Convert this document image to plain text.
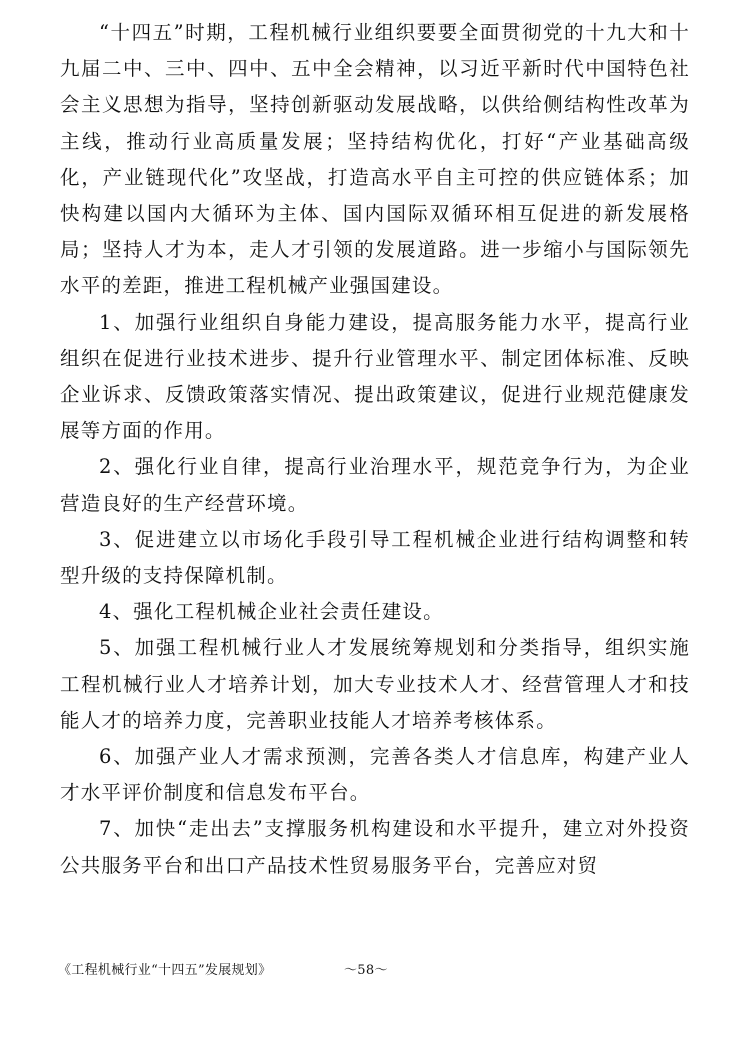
“十四五”时期，工程机械行业组织要要全面贯彻党的十九大和十九届二中、三中、四中、五中全会精神，以习近平新时代中国特色社会主义思想为指导，坚持创新驱动发展战略，以供给侧结构性改革为主线，推动行业高质量发展；坚持结构优化，打好“产业基础高级化，产业链现代化”攻坚战，打造高水平自主可控的供应链体系；加快构建以国内大循环为主体、国内国际双循环相互促进的新发展格局；坚持人才为本，走人才引领的发展道路。进一步缩小与国际领先水平的差距，推进工程机械产业强国建设。

1、加强行业组织自身能力建设，提高服务能力水平，提高行业组织在促进行业技术进步、提升行业管理水平、制定团体标准、反映企业诉求、反馈政策落实情况、提出政策建议，促进行业规范健康发展等方面的作用。

2、强化行业自律，提高行业治理水平，规范竞争行为，为企业营造良好的生产经营环境。

3、促进建立以市场化手段引导工程机械企业进行结构调整和转型升级的支持保障机制。

4、强化工程机械企业社会责任建设。

5、加强工程机械行业人才发展统筹规划和分类指导，组织实施工程机械行业人才培养计划，加大专业技术人才、经营管理人才和技能人才的培养力度，完善职业技能人才培养考核体系。

6、加强产业人才需求预测，完善各类人才信息库，构建产业人才水平评价制度和信息发布平台。

7、加快“走出去”支撑服务机构建设和水平提升，建立对外投资公共服务平台和出口产品技术性贸易服务平台，完善应对贸

《工程机械行业“十四五”发展规划》	～58～
